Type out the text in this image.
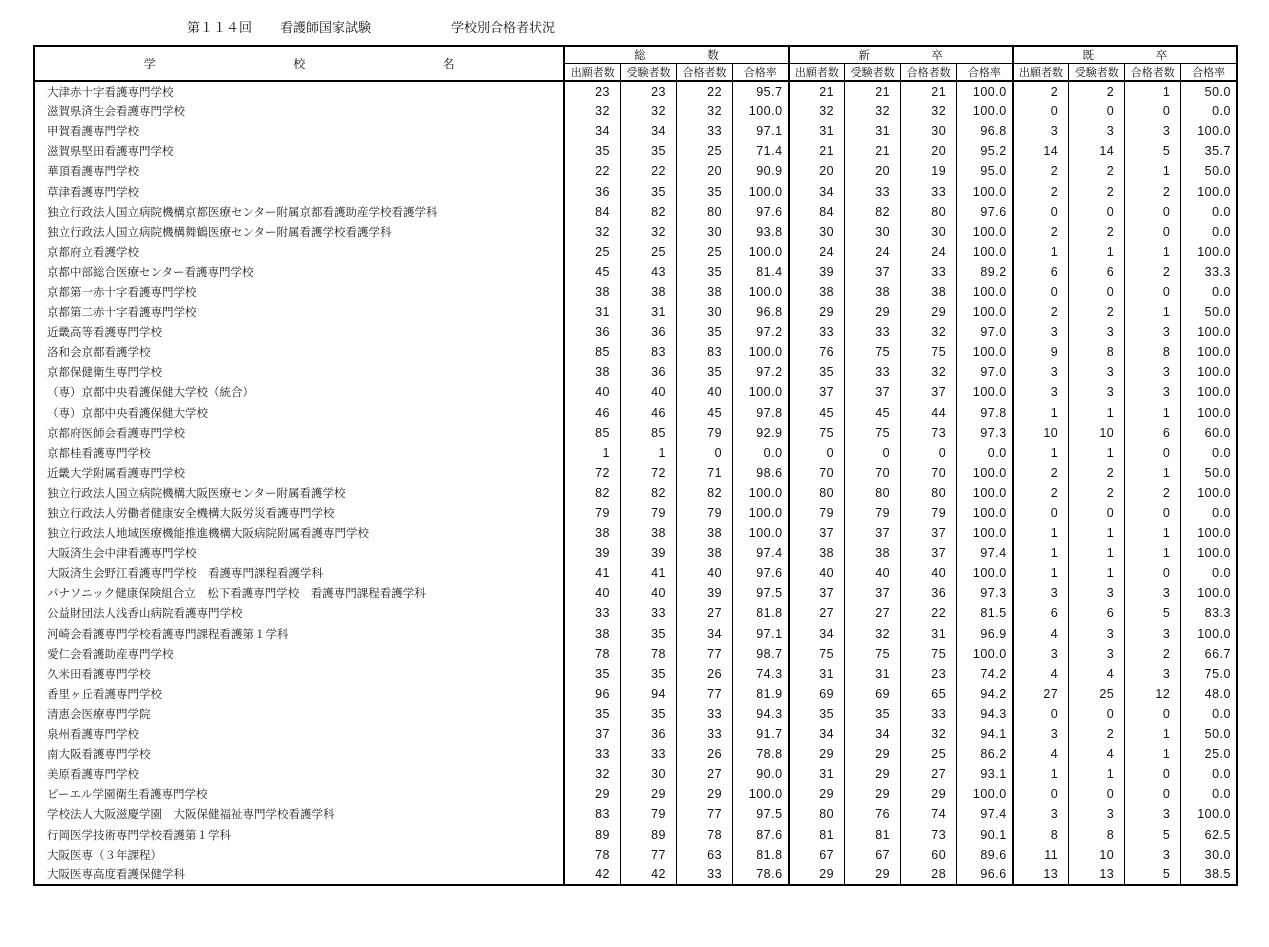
第１１４回 看護師国家試験	学校別合格者状況
学 校 名	総 数				新 卒				既 卒			

	出願者数	受験者数	合格者数	合格率	出願者数	受験者数	合格者数	合格率	出願者数	受験者数	合格者数	合格率
大津赤十字看護専門学校	23	23	22	95.7	21	21	21	100.0	2	2	1	50.0
滋賀県済生会看護専門学校	32	32	32	100.0	32	32	32	100.0	0	0	0	0.0
甲賀看護専門学校	34	34	33	97.1	31	31	30	96.8	3	3	3	100.0
滋賀県堅田看護専門学校	35	35	25	71.4	21	21	20	95.2	14	14	5	35.7
華頂看護専門学校	22	22	20	90.9	20	20	19	95.0	2	2	1	50.0
草津看護専門学校	36	35	35	100.0	34	33	33	100.0	2	2	2	100.0
独立行政法人国立病院機構京都医療センター附属京都看護助産学校看護学科	84	82	80	97.6	84	82	80	97.6	0	0	0	0.0
独立行政法人国立病院機構舞鶴医療センター附属看護学校看護学科	32	32	30	93.8	30	30	30	100.0	2	2	0	0.0
京都府立看護学校	25	25	25	100.0	24	24	24	100.0	1	1	1	100.0
京都中部総合医療センター看護専門学校	45	43	35	81.4	39	37	33	89.2	6	6	2	33.3
京都第一赤十字看護専門学校	38	38	38	100.0	38	38	38	100.0	0	0	0	0.0
京都第二赤十字看護専門学校	31	31	30	96.8	29	29	29	100.0	2	2	1	50.0
近畿高等看護専門学校	36	36	35	97.2	33	33	32	97.0	3	3	3	100.0
洛和会京都看護学校	85	83	83	100.0	76	75	75	100.0	9	8	8	100.0
京都保健衛生専門学校	38	36	35	97.2	35	33	32	97.0	3	3	3	100.0
（専）京都中央看護保健大学校（統合）	40	40	40	100.0	37	37	37	100.0	3	3	3	100.0
（専）京都中央看護保健大学校	46	46	45	97.8	45	45	44	97.8	1	1	1	100.0
京都府医師会看護専門学校	85	85	79	92.9	75	75	73	97.3	10	10	6	60.0
京都桂看護専門学校	1	1	0	0.0	0	0	0	0.0	1	1	0	0.0
近畿大学附属看護専門学校	72	72	71	98.6	70	70	70	100.0	2	2	1	50.0
独立行政法人国立病院機構大阪医療センター附属看護学校	82	82	82	100.0	80	80	80	100.0	2	2	2	100.0
独立行政法人労働者健康安全機構大阪労災看護専門学校	79	79	79	100.0	79	79	79	100.0	0	0	0	0.0
独立行政法人地域医療機能推進機構大阪病院附属看護専門学校	38	38	38	100.0	37	37	37	100.0	1	1	1	100.0
大阪済生会中津看護専門学校	39	39	38	97.4	38	38	37	97.4	1	1	1	100.0
大阪済生会野江看護専門学校　看護専門課程看護学科	41	41	40	97.6	40	40	40	100.0	1	1	0	0.0
パナソニック健康保険組合立　松下看護専門学校　看護専門課程看護学科	40	40	39	97.5	37	37	36	97.3	3	3	3	100.0
公益財団法人浅香山病院看護専門学校	33	33	27	81.8	27	27	22	81.5	6	6	5	83.3
河崎会看護専門学校看護専門課程看護第１学科	38	35	34	97.1	34	32	31	96.9	4	3	3	100.0
愛仁会看護助産専門学校	78	78	77	98.7	75	75	75	100.0	3	3	2	66.7
久米田看護専門学校	35	35	26	74.3	31	31	23	74.2	4	4	3	75.0
香里ヶ丘看護専門学校	96	94	77	81.9	69	69	65	94.2	27	25	12	48.0
清恵会医療専門学院	35	35	33	94.3	35	35	33	94.3	0	0	0	0.0
泉州看護専門学校	37	36	33	91.7	34	34	32	94.1	3	2	1	50.0
南大阪看護専門学校	33	33	26	78.8	29	29	25	86.2	4	4	1	25.0
美原看護専門学校	32	30	27	90.0	31	29	27	93.1	1	1	0	0.0
ピーエル学園衛生看護専門学校	29	29	29	100.0	29	29	29	100.0	0	0	0	0.0
学校法人大阪滋慶学園　大阪保健福祉専門学校看護学科	83	79	77	97.5	80	76	74	97.4	3	3	3	100.0
行岡医学技術専門学校看護第１学科	89	89	78	87.6	81	81	73	90.1	8	8	5	62.5
大阪医専（３年課程）	78	77	63	81.8	67	67	60	89.6	11	10	3	30.0
大阪医専高度看護保健学科	42	42	33	78.6	29	29	28	96.6	13	13	5	38.5
